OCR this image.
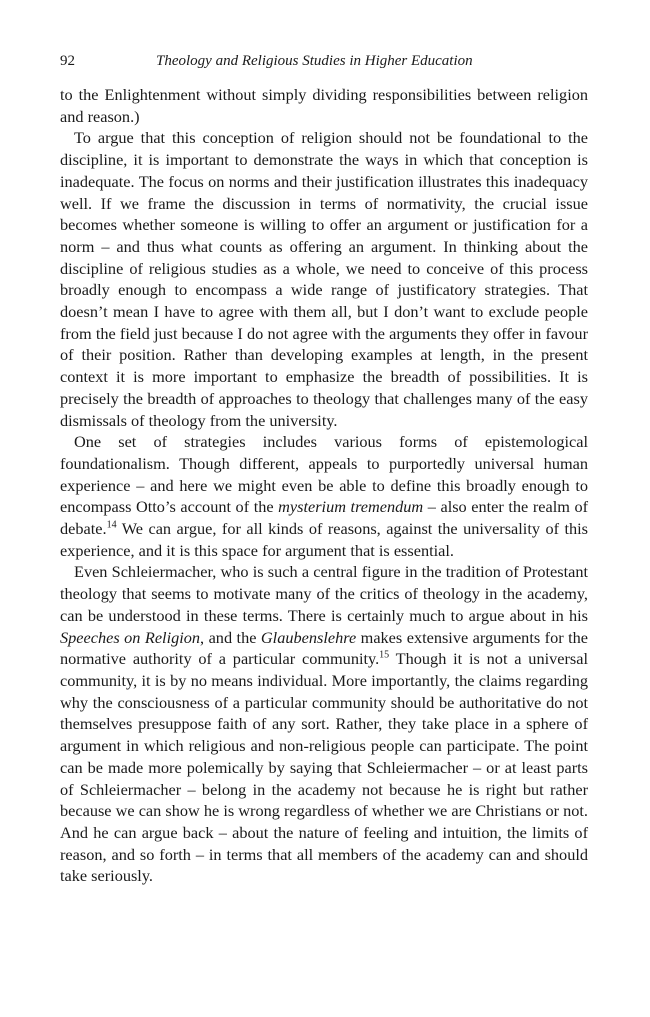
92	Theology and Religious Studies in Higher Education

to the Enlightenment without simply dividing responsibilities between religion and reason.)

To argue that this conception of religion should not be foundational to the discipline, it is important to demonstrate the ways in which that conception is inadequate. The focus on norms and their justification illustrates this inadequacy well. If we frame the discussion in terms of normativity, the crucial issue becomes whether someone is willing to offer an argument or justification for a norm – and thus what counts as offering an argument. In thinking about the discipline of religious studies as a whole, we need to conceive of this process broadly enough to encompass a wide range of justificatory strategies. That doesn’t mean I have to agree with them all, but I don’t want to exclude people from the field just because I do not agree with the arguments they offer in favour of their position. Rather than developing examples at length, in the present context it is more important to emphasize the breadth of possibilities. It is precisely the breadth of approaches to theology that challenges many of the easy dismissals of theology from the university.

One set of strategies includes various forms of epistemological foundationalism. Though different, appeals to purportedly universal human experience – and here we might even be able to define this broadly enough to encompass Otto’s account of the mysterium tremendum – also enter the realm of debate.$^{14}$ We can argue, for all kinds of reasons, against the universality of this experience, and it is this space for argument that is essential.

Even Schleiermacher, who is such a central figure in the tradition of Protestant theology that seems to motivate many of the critics of theology in the academy, can be understood in these terms. There is certainly much to argue about in his Speeches on Religion, and the Glaubenslehre makes extensive arguments for the normative authority of a particular community.$^{15}$ Though it is not a universal community, it is by no means individual. More importantly, the claims regarding why the consciousness of a particular community should be authoritative do not themselves presuppose faith of any sort. Rather, they take place in a sphere of argument in which religious and non-religious people can participate. The point can be made more polemically by saying that Schleiermacher – or at least parts of Schleiermacher – belong in the academy not because he is right but rather because we can show he is wrong regardless of whether we are Christians or not. And he can argue back – about the nature of feeling and intuition, the limits of reason, and so forth – in terms that all members of the academy can and should take seriously.
